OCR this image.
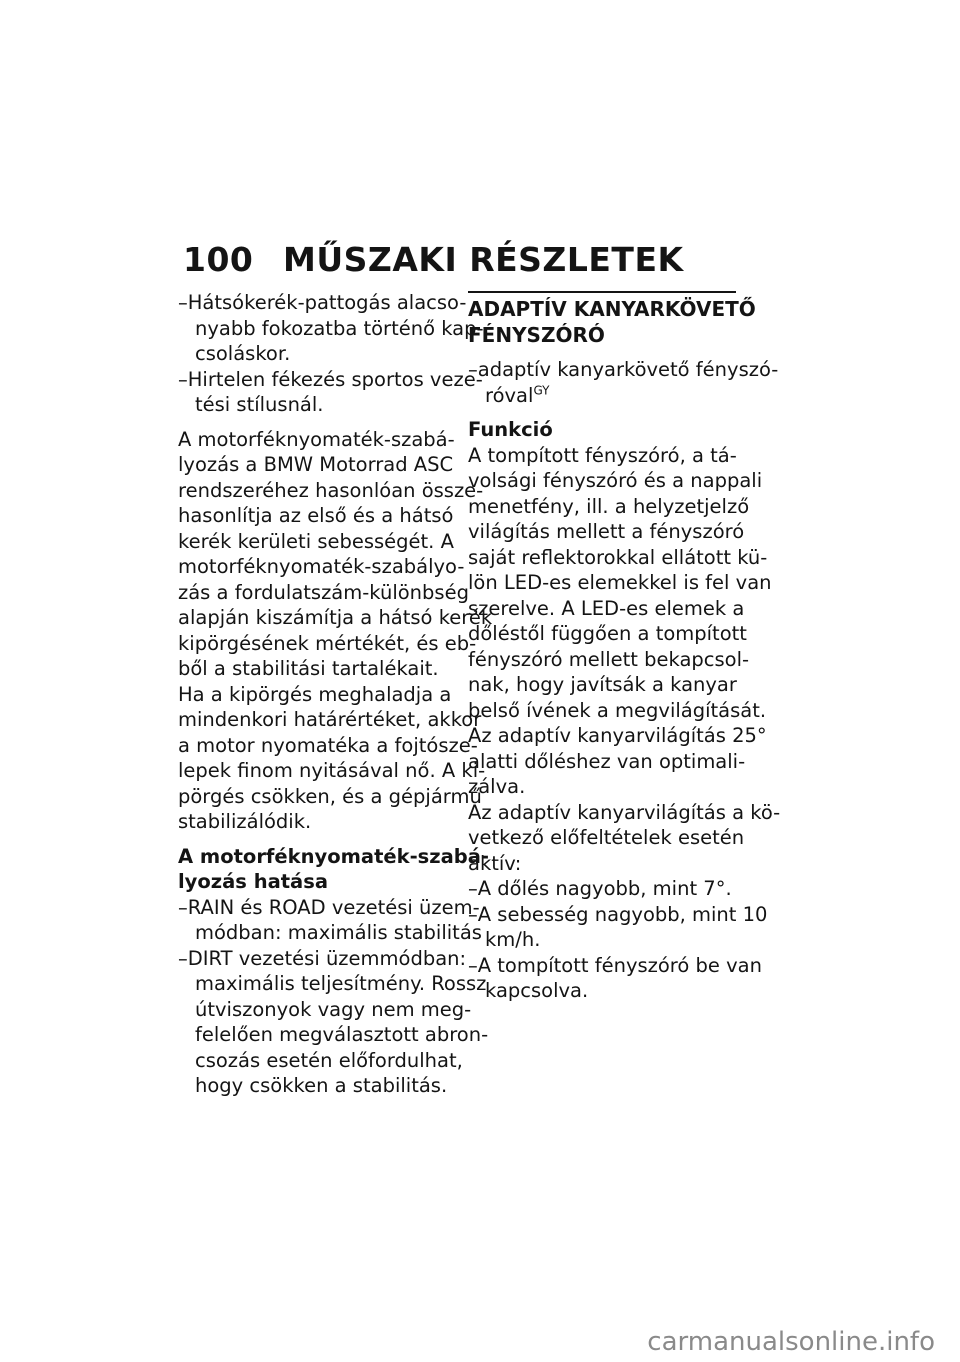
100 MŰSZAKI RÉSZLETEK
–Hátsókerék-pattogás alacso-
nyabb fokozatba történő kap-
csoláskor.
–Hirtelen fékezés sportos veze-
tési stílusnál.
A motorféknyomaték-szabá-
lyozás a BMW Motorrad ASC
rendszeréhez hasonlóan össze-
hasonlítja az első és a hátsó
kerék kerületi sebességét. A
motorféknyomaték-szabályo-
zás a fordulatszám-különbség
alapján kiszámítja a hátsó kerék
kipörgésének mértékét, és eb-
ből a stabilitási tartalékait.
Ha a kipörgés meghaladja a
mindenkori határértéket, akkor
a motor nyomatéka a fojtósze-
lepek finom nyitásával nő. A ki-
pörgés csökken, és a gépjármű
stabilizálódik.
A motorféknyomaték-szabá-
lyozás hatása
–RAIN és ROAD vezetési üzem-
módban: maximális stabilitás
–DIRT vezetési üzemmódban:
maximális teljesítmény. Rossz
útviszonyok vagy nem meg-
felelően megválasztott abron-
csozás esetén előfordulhat,
hogy csökken a stabilitás.
ADAPTÍV KANYARKÖVETŐ
FÉNYSZÓRÓ
–adaptív kanyarkövető fényszó-
róval$^{GY}$
Funkció
A tompított fényszóró, a tá-
volsági fényszóró és a nappali
menetfény, ill. a helyzetjelző
világítás mellett a fényszóró
saját reflektorokkal ellátott kü-
lön LED-es elemekkel is fel van
szerelve. A LED-es elemek a
dőléstől függően a tompított
fényszóró mellett bekapcsol-
nak, hogy javítsák a kanyar
belső ívének a megvilágítását.
Az adaptív kanyarvilágítás 25°
alatti dőléshez van optimali-
zálva.
Az adaptív kanyarvilágítás a kö-
vetkező előfeltételek esetén
aktív:
–A dőlés nagyobb, mint 7°.
–A sebesség nagyobb, mint 10
km/h.
–A tompított fényszóró be van
kapcsolva.
carmanualsonline.info
